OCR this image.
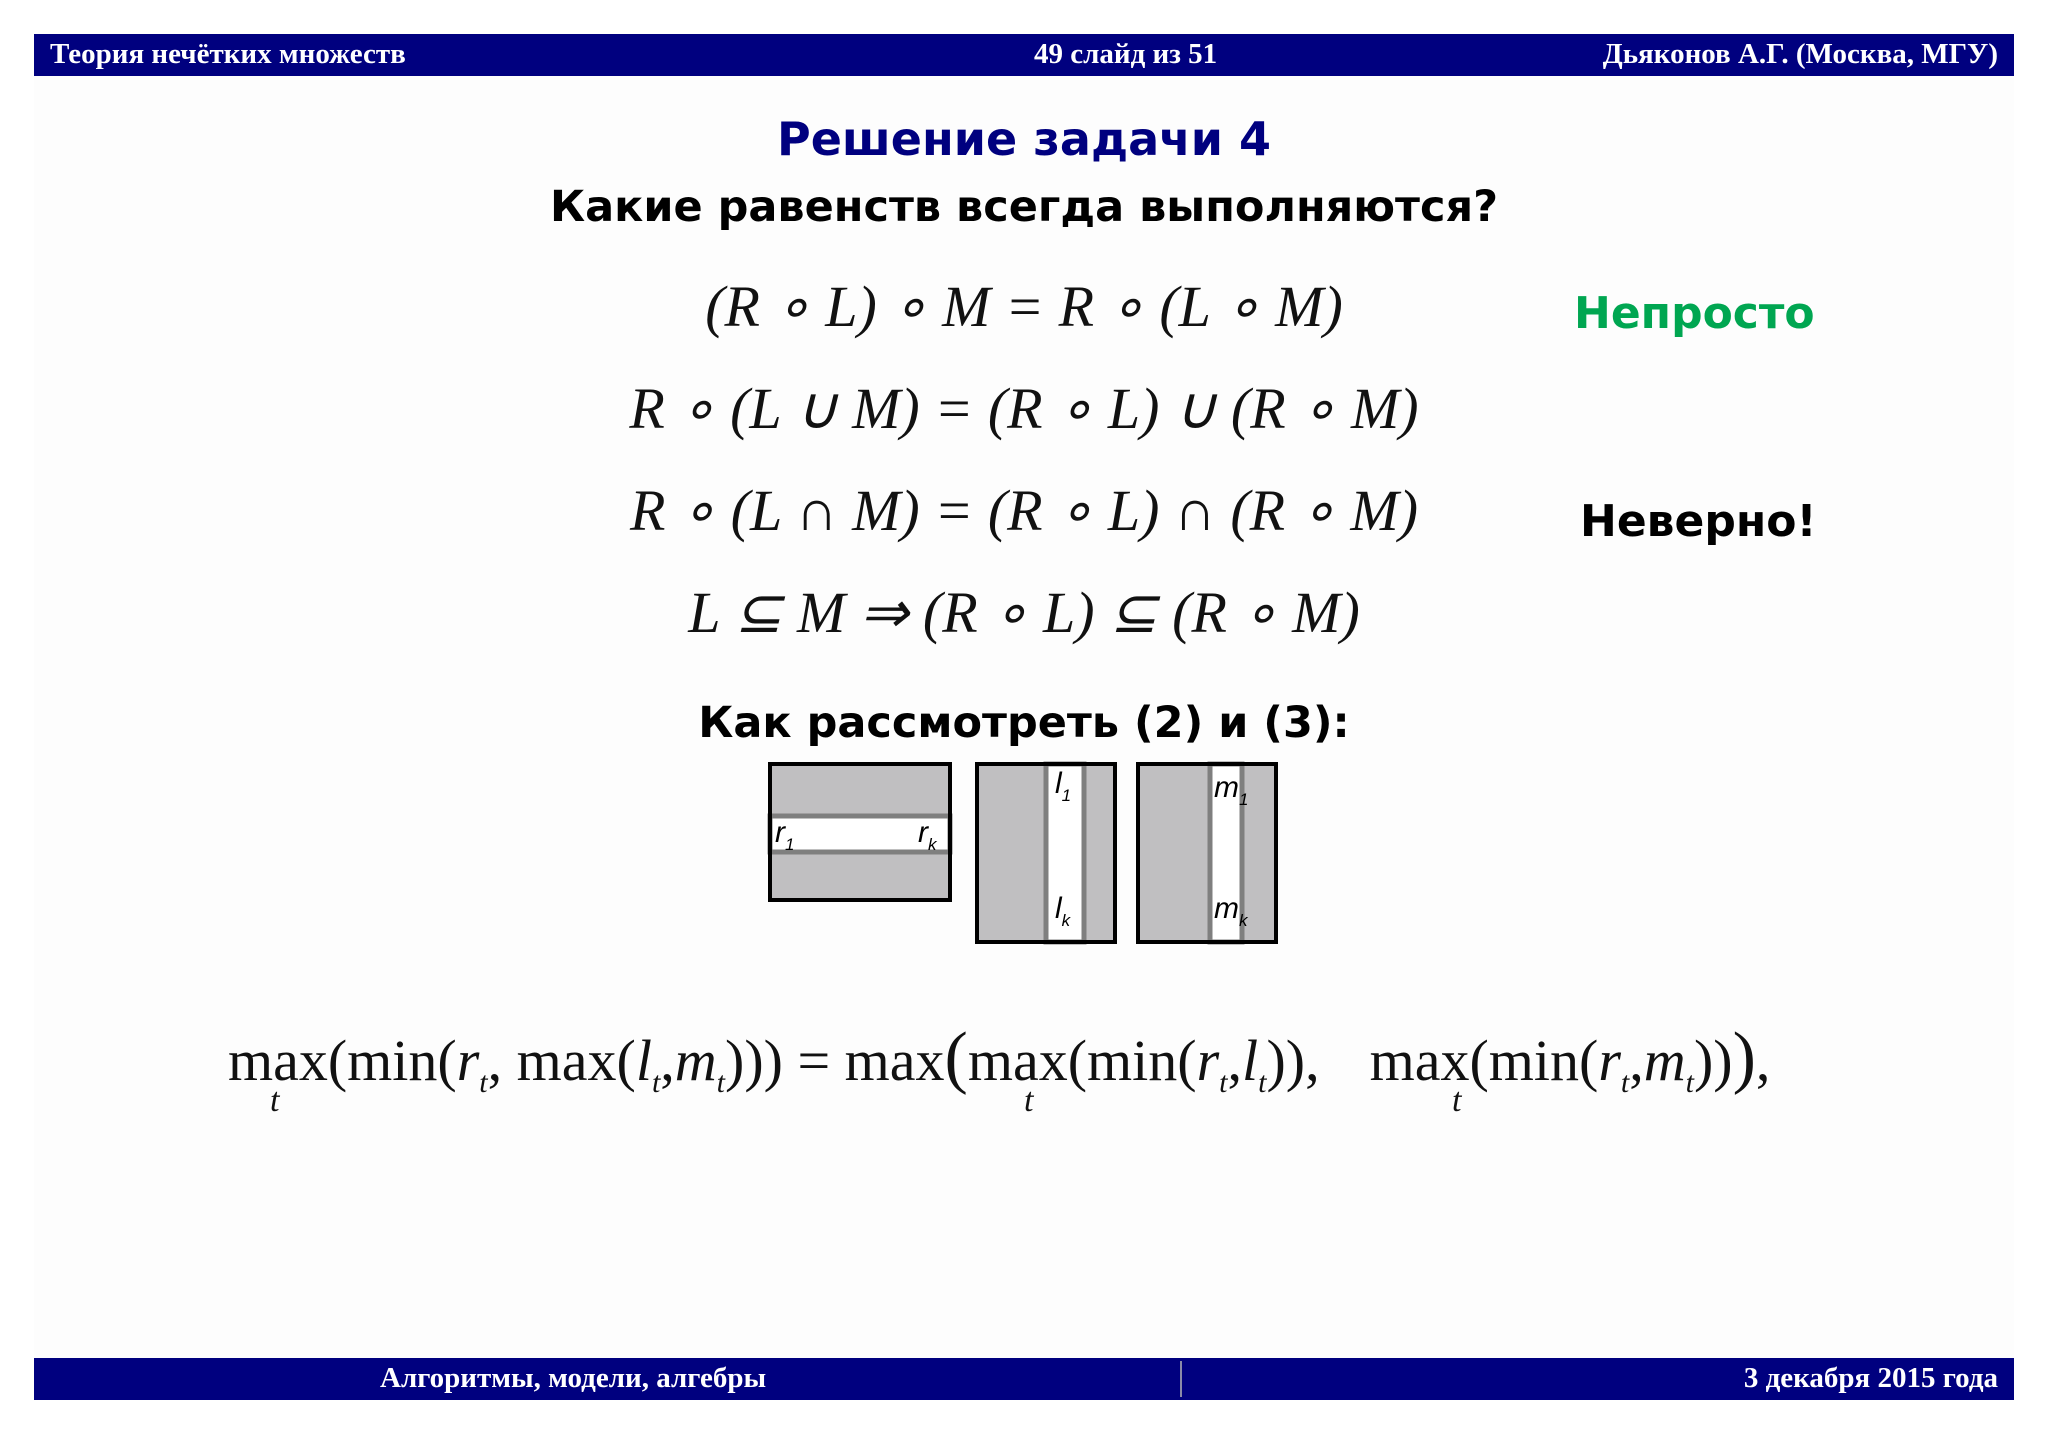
Теория нечётких множеств	49 слайд из 51	Дьяконов А.Г. (Москва, МГУ)
Решение задачи 4
Какие равенств всегда выполняются?
(R ∘ L) ∘ M = R ∘ (L ∘ M)
R ∘ (L ∪ M) = (R ∘ L) ∪ (R ∘ M)
R ∘ (L ∩ M) = (R ∘ L) ∩ (R ∘ M)
L ⊆ M ⇒ (R ∘ L) ⊆ (R ∘ M)
Непросто
Неверно!
Как рассмотреть (2) и (3):
$r_1$	$r_k$
$l_1$
$l_k$
$m_1$
$m_k$
$\max(\min(r_t$, $\max(l_t,m_t))) = \max(\max(\min(r_t,l_t))$, $\max(\min(r_t,m_t))$),
t	t	t
Алгоритмы, модели, алгебры	3 декабря 2015 года
